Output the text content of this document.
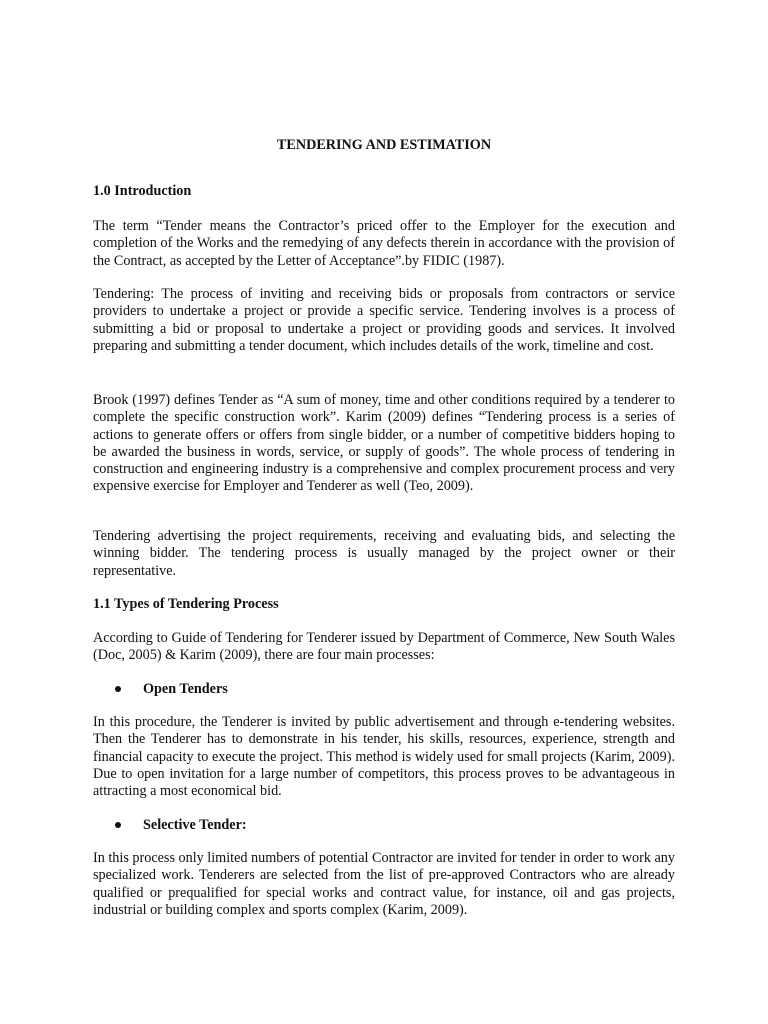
TENDERING AND ESTIMATION
1.0 Introduction

The term “Tender means the Contractor’s priced offer to the Employer for the execution and completion of the Works and the remedying of any defects therein in accordance with the provision of the Contract, as accepted by the Letter of Acceptance”.by FIDIC (1987).

Tendering: The process of inviting and receiving bids or proposals from contractors or service providers to undertake a project or provide a specific service. Tendering involves is a process of submitting a bid or proposal to undertake a project or providing goods and services. It involved preparing and submitting a tender document, which includes details of the work, timeline and cost.

Brook (1997) defines Tender as “A sum of money, time and other conditions required by a tenderer to complete the specific construction work”. Karim (2009) defines “Tendering process is a series of actions to generate offers or offers from single bidder, or a number of competitive bidders hoping to be awarded the business in words, service, or supply of goods”. The whole process of tendering in construction and engineering industry is a comprehensive and complex procurement process and very expensive exercise for Employer and Tenderer as well (Teo, 2009).

Tendering advertising the project requirements, receiving and evaluating bids, and selecting the winning bidder. The tendering process is usually managed by the project owner or their representative.

1.1 Types of Tendering Process

According to Guide of Tendering for Tenderer issued by Department of Commerce, New South Wales (Doc, 2005) & Karim (2009), there are four main processes:

Open Tenders

In this procedure, the Tenderer is invited by public advertisement and through e-tendering websites. Then the Tenderer has to demonstrate in his tender, his skills, resources, experience, strength and financial capacity to execute the project. This method is widely used for small projects (Karim, 2009). Due to open invitation for a large number of competitors, this process proves to be advantageous in attracting a most economical bid.

Selective Tender:

In this process only limited numbers of potential Contractor are invited for tender in order to work any specialized work. Tenderers are selected from the list of pre-approved Contractors who are already qualified or prequalified for special works and contract value, for instance, oil and gas projects, industrial or building complex and sports complex (Karim, 2009).
